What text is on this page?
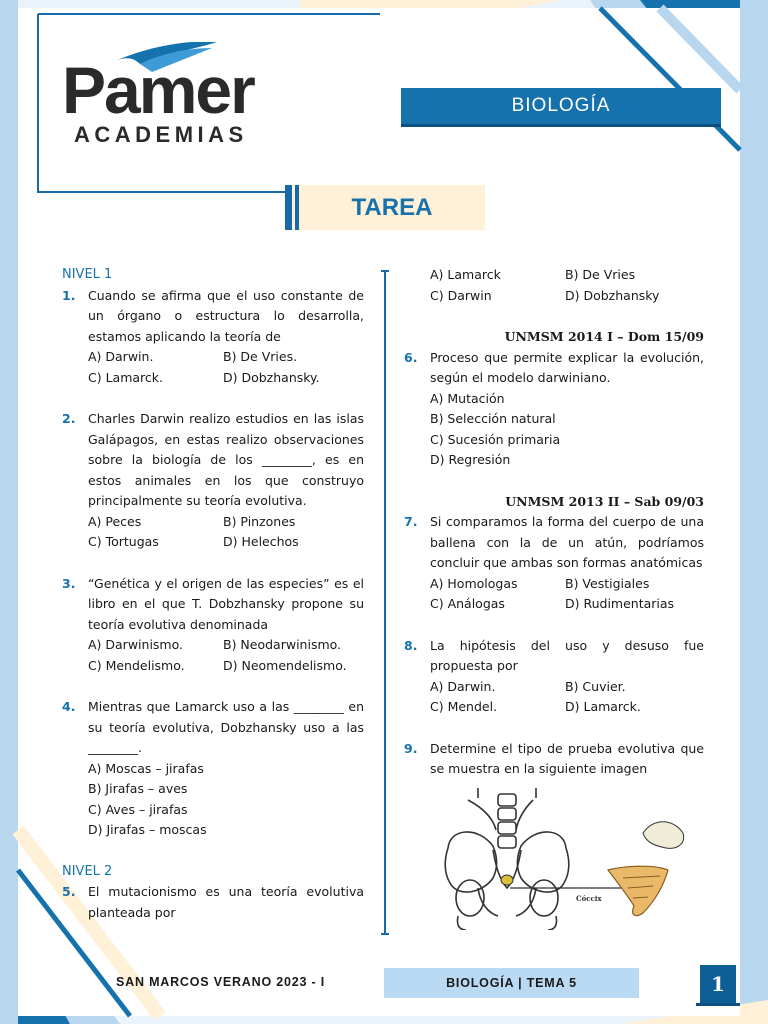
Pamer
ACADEMIAS
BIOLOGÍA
TAREA
NIVEL 1
1.	Cuando se afirma que el uso constante de un órgano o estructura lo desarrolla, estamos aplicando la teoría de
A) Darwin.	B) De Vries.
C) Lamarck.	D) Dobzhansky.
2.	Charles Darwin realizo estudios en las islas Galápagos, en estas realizo observaciones sobre la biología de los ________, es en estos animales en los que construyo principalmente su teoría evolutiva.
A) Peces	B) Pinzones
C) Tortugas	D) Helechos
3.	“Genética y el origen de las especies” es el libro en el que T. Dobzhansky propone su teoría evolutiva denominada
A) Darwinismo.	B) Neodarwinismo.
C) Mendelismo.	D) Neomendelismo.
4.	Mientras que Lamarck uso a las ________ en su teoría evolutiva, Dobzhansky uso a las ________.
A) Moscas – jirafas
B) Jirafas – aves
C) Aves – jirafas
D) Jirafas – moscas
NIVEL 2
5.	El mutacionismo es una teoría evolutiva planteada por
A) Lamarck	B) De Vries
C) Darwin	D) Dobzhansky
UNMSM 2014 I – Dom 15/09
6.	Proceso que permite explicar la evolución, según el modelo darwiniano.
A) Mutación
B) Selección natural
C) Sucesión primaria
D) Regresión
UNMSM 2013 II – Sab 09/03
7.	Si comparamos la forma del cuerpo de una ballena con la de un atún, podríamos concluir que ambas son formas anatómicas
A) Homologas	B) Vestigiales
C) Análogas	D) Rudimentarias
8.	La hipótesis del uso y desuso fue propuesta por
A) Darwin.	B) Cuvier.
C) Mendel.	D) Lamarck.
9.	Determine el tipo de prueba evolutiva que se muestra en la siguiente imagen
Cóccix
SAN MARCOS VERANO 2023 - I	BIOLOGÍA | TEMA 5	1
